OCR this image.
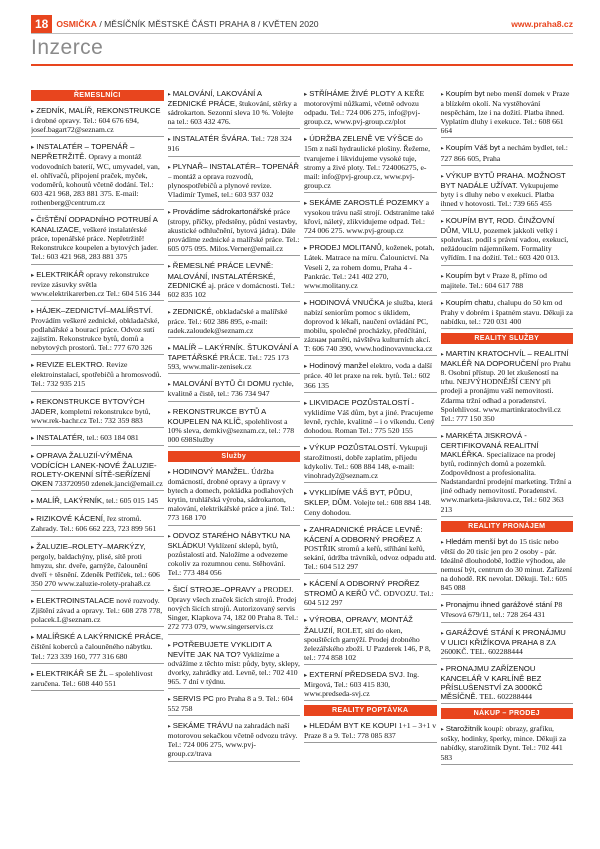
18 OSMIČKA / MĚSÍČNÍK MĚSTSKÉ ČÁSTI PRAHA 8 / KVĚTEN 2020	www.praha8.cz
Inzerce
ŘEMESLNÍCI
▸ ZEDNÍK, MALÍŘ, REKONSTRUKCE i drobné opravy. Tel.: 604 676 694, josef.bagart72@seznam.cz
▸ INSTALATÉR – TOPENÁŘ – NEPŘETRŽITĚ. Opravy a montáž vodovodních baterií, WC, umyvadel, van, el. ohřívačů, připojení praček, myček, vodoměrů, kohoutů včetně dodání. Tel.: 603 421 968, 283 881 375. E-mail: rothenberg@centrum.cz
▸ ČIŠTĚNÍ ODPADNÍHO POTRUBÍ A KANALIZACE, veškeré instalatérské práce, topenářské práce. Nepřetržitě! Rekonstrukce koupelen a bytových jader. Tel.: 603 421 968, 283 881 375
▸ ELEKTRIKÁŘ opravy rekonstrukce revize zásuvky světla www.elektrikarerben.cz Tel.: 604 516 344
▸ HÁJEK–ZEDNICTVÍ–MALÍŘSTVÍ. Provádím veškeré zednické, obkladačské, podlahářské a bourací práce. Odvoz sutí zajistím. Rekonstrukce bytů, domů a nebytových prostorů. Tel.: 777 670 326
▸ REVIZE ELEKTRO. Revize elektroinstalací, spotřebičů a hromosvodů. Tel.: 732 935 215
▸ REKONSTRUKCE BYTOVÝCH JADER, kompletní rekonstrukce bytů, www.rek-bachr.cz Tel.: 732 359 883
▸ INSTALATÉR, tel.: 603 184 081
▸ OPRAVA ŽALUZIÍ-VÝMĚNA VODÍCÍCH LANEK-NOVÉ ŽALUZIE-ROLETY-OKENNÍ SÍTĚ-SEŘÍZENÍ OKEN 733720950 zdenek.janci@email.cz
▸ MALÍŘ, LAKÝRNÍK, tel.: 605 015 145
▸ RIZIKOVÉ KÁCENÍ, řez stromů. Zahrady. Tel.: 606 662 223, 723 899 561
▸ ŽALUZIE–ROLETY–MARKÝZY, pergoly, baldachýny, plisé, sítě proti hmyzu, shr. dveře, garnýže, čalounění dveří + těsnění. Zdeněk Petříček, tel.: 606 350 270 www.zaluzie-rolety-praha8.cz
▸ ELEKTROINSTALACE nové rozvody. Zjištění závad a opravy. Tel.: 608 278 778, polacek.L@seznam.cz
▸ MALÍŘSKÉ A LAKÝRNICKÉ PRÁCE, čištění koberců a čalouněného nábytku. Tel.: 723 339 160, 777 316 680
▸ ELEKTRIKÁŘ SE ŽL – spolehlivost zaručena. Tel.: 608 440 551
▸ MALOVÁNÍ, LAKOVÁNÍ A ZEDNICKÉ PRÁCE, štukování, stěrky a sádrokarton. Sezonní sleva 10 %. Volejte na tel.: 603 432 476.
▸ INSTALATÉR ŠVÁRA. Tel.: 728 324 916
▸ PLYNAŘ– INSTALATÉR– TOPENÁŘ – montáž a oprava rozvodů, plynospotřebičů a plynové revize. Vladimír Tymeš, tel.: 603 937 032
▸ Provádíme sádrokartonářské práce (stropy, příčky, předstěny, půdní vestavby, akustické odhlučnění, bytová jádra). Dále provádíme zednické a malířské práce. Tel.: 605 075 095. Milos.Verner@email.cz
▸ ŘEMESLNÉ PRÁCE LEVNĚ: MALOVÁNÍ, INSTALATÉRSKÉ, ZEDNICKÉ aj. práce v domácnosti. Tel.: 602 835 102
▸ ZEDNICKÉ, obkladačské a malířské práce. Tel.: 602 386 895, e-mail: radek.zaloudek@seznam.cz
▸ MALÍŘ – LAKÝRNÍK. ŠTUKOVÁNÍ A TAPETÁŘSKÉ PRÁCE. Tel.: 725 173 593, www.malir-zenisek.cz
▸ MALOVÁNÍ BYTŮ ČI DOMU rychle, kvalitně a čistě, tel.: 736 734 947
▸ REKONSTRUKCE BYTŮ A KOUPELEN NA KLÍČ, spolehlivost a 10% sleva, demkiv@seznam.cz, tel.: 778 000 698Služby
Služby
▸ HODINOVÝ MANŽEL. Údržba domácností, drobné opravy a úpravy v bytech a domech, pokládka podlahových krytin, truhlářská výroba, sádrokarton, malování, elektrikářské práce a jiné. Tel.: 773 168 170
▸ ODVOZ STARÉHO NÁBYTKU NA SKLÁDKU! Vyklízení sklepů, bytů, pozůstalostí atd. Naložíme a odvezeme cokoliv za rozumnou cenu. Stěhování. Tel.: 773 484 056
▸ ŠICÍ STROJE–OPRAVY a PRODEJ. Opravy všech značek šicích strojů. Prodej nových šicích strojů. Autorizovaný servis Singer, Klapkova 74, 182 00 Praha 8. Tel.: 272 773 079, www.singerservis.cz
▸ POTŘEBUJETE VYKLIDIT A NEVÍTE JAK NA TO? Vyklízíme a odvážíme z těchto míst: půdy, byty, sklepy, dvorky, zahrádky atd. Levně, tel.: 702 410 965. 7 dní v týdnu.
▸ SERVIS PC pro Praha 8 a 9. Tel.: 604 552 758
▸ SEKÁME TRÁVU na zahradách naší motorovou sekačkou včetně odvozu trávy. Tel.: 724 006 275, www.pvj-group.cz/trava
▸ STŘÍHÁME ŽIVÉ PLOTY A KEŘE motorovými nůžkami, včetně odvozu odpadu. Tel.: 724 006 275, info@pvj-group.cz, www.pvj-group.cz/plot
▸ ÚDRŽBA ZELENĚ VE VÝŠCE do 15m z naší hydraulické plošiny. Řežeme, tvarujeme i likvidujeme vysoké tuje, stromy a živé ploty. Tel.: 724006275, e-mail: info@pvj-group.cz, www.pvj-group.cz
▸ SEKÁME ZAROSTLÉ POZEMKY a vysokou trávu naší strojí. Odstraníme také křoví, náletý, zlikvidujeme odpad. Tel.: 724 006 275. www.pvj-group.cz
▸ PRODEJ MOLITANŮ, koženek, potah, Látek. Matrace na míru. Čalounictví. Na Veseli 2, za rohem domu, Praha 4 - Pankrác. Tel.: 241 402 270, www.molitany.cz
▸ HODINOVÁ VNUČKA je služba, která nabízí seniorům pomoc s úklidem, doprovod k lékaři, naučení ovládání PC, mobilu, společné procházky, předčítání, zázнам paměti, návštěva kulturních akcí. T: 606 740 390, www.hodinovavnucka.cz
▸ Hodinový manžel elektro, voda a další práce. 40 let praxe na rek. bytů. Tel.: 602 366 135
▸ LIKVIDACE POZŮSTALOSTÍ - vyklidíme Váš dům, byt a jiné. Pracujeme levně, rychle, kvalitně – i o víkendu. Cený dohodou. Roman Tel.: 775 520 155
▸ VÝKUP POZŮSTALOSTÍ. Vykupuji starožitnosti, dobře zaplatím, přijedu kdykoliv. Tel.: 608 884 148, e-mail: vinohrady2@seznam.cz
▸ VYKLIDÍME VÁŠ BYT, PŮDU, SKLEP, DŮM. Volejte tel.: 608 884 148. Ceny dohodou.
▸ ZAHRADNICKÉ PRÁCE LEVNĚ: KÁCENÍ A ODBORNÝ PROŘEZ A POSTŘIK stromů a keřů, stříhání keřů, sekání, údržba trávníků, odvoz odpadu atd. Tel.: 604 512 297
▸ KÁCENÍ A ODBORNÝ PROŘEZ STROMŮ A KEŘŮ VČ. ODVOZU. Tel.: 604 512 297
▸ VÝROBA, OPRAVY, MONTÁŽ ŽALUZIÍ, ROLET, sítí do oken, spouštěcích garnýží. Prodej drobného železářského zboží. U Pazderek 146, P 8, tel.: 774 858 102
▸ EXTERNÍ PŘEDSEDA SVJ. Ing. Mirgová, Tel.: 603 415 830, www.predseda-svj.cz
REALITY POPTÁVKA
▸ HLEDÁM BYT KE KOUPI 1+1 – 3+1 v Praze 8 a 9. Tel.: 778 085 837
▸ Koupím byt nebo menší domek v Praze a blízkém okolí. Na vystěhování nespěchám, lze i na dožití. Platba ihned. Vyplatím dluhy i exekuce. Tel.: 608 661 664
▸ Koupím Váš byt a nechám bydlet, tel.: 727 866 605, Praha
▸ VÝKUP BYTŮ PRAHA. MOŽNOST BYT NADÁLE UŽÍVAT. Vykupujeme byty i s dluhy nebo v exekuci. Platba ihned v hotovosti. Tel.: 739 665 455
▸ KOUPÍM BYT, ROD. ČINŽOVNÍ DŮM, VILU, pozemek jakkoli velký i spoluvlast. podíl s právní vadou, exekucí, nežádoucím nájemníkem. Formality vyřídím. I na dožití. Tel.: 603 420 013.
▸ Koupím byt v Praze 8, přímo od majitele. Tel.: 604 617 788
▸ Koupím chatu, chalupu do 50 km od Prahy v dobrém i špatném stavu. Děkuji za nabídku, tel.: 720 031 400
REALITY SLUŽBY
▸ MARTIN KRATOCHVÍL – REALITNÍ MAKLÉŘ NA DOPORUČENÍ pro Prahu 8. Osobní přístup. 20 let zkušeností na trhu. NEJVÝHODNĚJŠÍ CENY při prodeji a pronájmu vaší nemovitosti. Zdarma tržní odhad a poradenství. Spolehlivost. www.martinkratochvil.cz Tel.: 777 150 350
▸ MARKÉTA JISKROVÁ - CERTIFIKOVANÁ REALITNÍ MAKLÉŘKA. Specializace na prodej bytů, rodinných domů a pozemků. Zodpovědnost a profesionalita. Nadstandardní prodejní marketing. Tržní a jiné odhady nemovitostí. Poradenství. www.marketa-jiskrova.cz, Tel.: 602 363 213
REALITY PRONÁJEM
▸ Hledám menší byt do 15 tisíc nebo větší do 20 tisíc jen pro 2 osoby - pár. Ideálně dlouhodobě, lodžie výhodou, ale nemusí být, centrum do 30 minut. Zařízení na dohodě. RK nevolat. Děkuji. Tel.: 605 845 088
▸ Pronajmu ihned garážové stání P8 Vřesová 679/11, tel.: 728 264 431
▸ GARÁŽOVÉ STÁNÍ K PRONÁJMU V ULICI KŘIŽÍKOVA PRAHA 8 ZA 2600KČ. TEL. 602288444
▸ PRONAJMU ZAŘÍZENOU KANCELÁŘ V KARLÍNĚ BEZ PŘÍSLUŠENSTVÍ ZA 3000KČ MĚSÍČNĚ. TEL. 602288444
NÁKUP – PRODEJ
▸ Starožitník koupí: obrazy, grafiku, sošky, hodinky, šperky, mince. Děkuji za nabídky, starožitník Dynt. Tel.: 702 441 583
